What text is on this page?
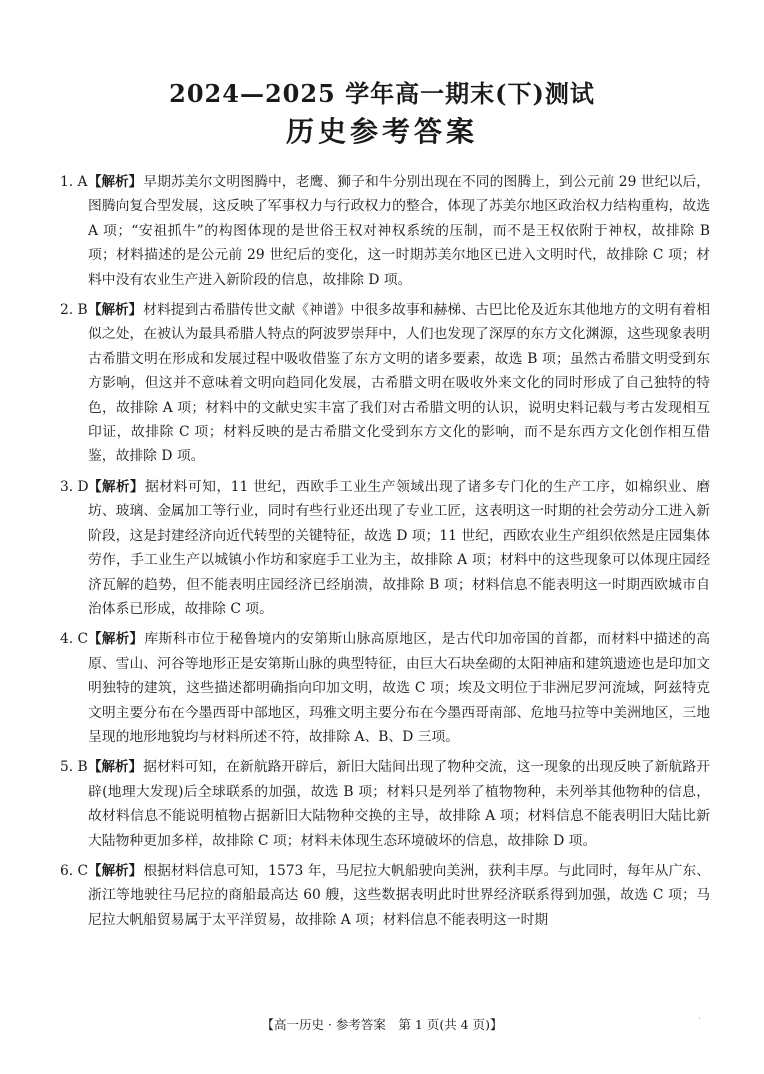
2024—2025 学年高一期末(下)测试
历史参考答案

1. A 【解析】早期苏美尔文明图腾中，老鹰、狮子和牛分别出现在不同的图腾上，到公元前 29 世纪以后，图腾向复合型发展，这反映了军事权力与行政权力的整合，体现了苏美尔地区政治权力结构重构，故选 A 项；“安祖抓牛”的构图体现的是世俗王权对神权系统的压制，而不是王权依附于神权，故排除 B 项；材料描述的是公元前 29 世纪后的变化，这一时期苏美尔地区已进入文明时代，故排除 C 项；材料中没有农业生产进入新阶段的信息，故排除 D 项。

2. B 【解析】材料提到古希腊传世文献《神谱》中很多故事和赫梯、古巴比伦及近东其他地方的文明有着相似之处，在被认为最具希腊人特点的阿波罗崇拜中，人们也发现了深厚的东方文化渊源，这些现象表明古希腊文明在形成和发展过程中吸收借鉴了东方文明的诸多要素，故选 B 项；虽然古希腊文明受到东方影响，但这并不意味着文明向趋同化发展，古希腊文明在吸收外来文化的同时形成了自己独特的特色，故排除 A 项；材料中的文献史实丰富了我们对古希腊文明的认识，说明史料记载与考古发现相互印证，故排除 C 项；材料反映的是古希腊文化受到东方文化的影响，而不是东西方文化创作相互借鉴，故排除 D 项。

3. D 【解析】据材料可知，11 世纪，西欧手工业生产领域出现了诸多专门化的生产工序，如棉织业、磨坊、玻璃、金属加工等行业，同时有些行业还出现了专业工匠，这表明这一时期的社会劳动分工进入新阶段，这是封建经济向近代转型的关键特征，故选 D 项；11 世纪，西欧农业生产组织依然是庄园集体劳作，手工业生产以城镇小作坊和家庭手工业为主，故排除 A 项；材料中的这些现象可以体现庄园经济瓦解的趋势，但不能表明庄园经济已经崩溃，故排除 B 项；材料信息不能表明这一时期西欧城市自治体系已形成，故排除 C 项。

4. C 【解析】库斯科市位于秘鲁境内的安第斯山脉高原地区，是古代印加帝国的首都，而材料中描述的高原、雪山、河谷等地形正是安第斯山脉的典型特征，由巨大石块垒砌的太阳神庙和建筑遗迹也是印加文明独特的建筑，这些描述都明确指向印加文明，故选 C 项；埃及文明位于非洲尼罗河流域，阿兹特克文明主要分布在今墨西哥中部地区，玛雅文明主要分布在今墨西哥南部、危地马拉等中美洲地区，三地呈现的地形地貌均与材料所述不符，故排除 A、B、D 三项。

5. B 【解析】据材料可知，在新航路开辟后，新旧大陆间出现了物种交流，这一现象的出现反映了新航路开辟(地理大发现)后全球联系的加强，故选 B 项；材料只是列举了植物物种，未列举其他物种的信息，故材料信息不能说明植物占据新旧大陆物种交换的主导，故排除 A 项；材料信息不能表明旧大陆比新大陆物种更加多样，故排除 C 项；材料未体现生态环境破坏的信息，故排除 D 项。

6. C 【解析】根据材料信息可知，1573 年，马尼拉大帆船驶向美洲，获利丰厚。与此同时，每年从广东、浙江等地驶往马尼拉的商船最高达 60 艘，这些数据表明此时世界经济联系得到加强，故选 C 项；马尼拉大帆船贸易属于太平洋贸易，故排除 A 项；材料信息不能表明这一时期

【高一历史 · 参考答案　第 1 页(共 4 页)】	·
